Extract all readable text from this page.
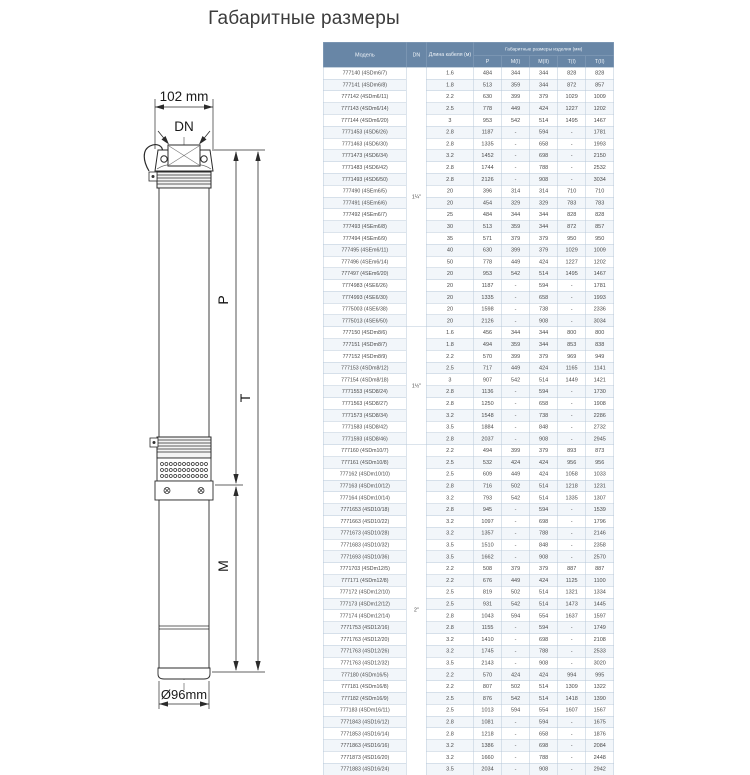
Габаритные размеры
102 mm
DN
P
M
T
Ø96mm
Модель	DN	Длина кабеля (м)	Габаритные размеры изделия (мм)				
			P	M(I)	M(II)	T(I)	T(II)
777140 (4SDm6/7)	1¼"	1.6	484	344	344	828	828
777141 (4SDm6/8)		1.8	513	359	344	872	857
777142 (4SDm6/11)		2.2	630	399	379	1029	1009
777143 (4SDm6/14)		2.5	778	449	424	1227	1202
777144 (4SDm6/20)		3	953	542	514	1495	1467
7771453 (4SD6/26)		2.8	1187	-	594	-	1781
7771463 (4SD6/30)		2.8	1335	-	658	-	1993
7771473 (4SD6/34)		3.2	1452	-	698	-	2150
7771483 (4SD6/42)		2.8	1744	-	788	-	2532
7771493 (4SD6/50)		2.8	2126	-	908	-	3034
777490 (4SEm6/5)		20	396	314	314	710	710
777491 (4SEm6/6)		20	454	329	329	783	783
777492 (4SEm6/7)		25	484	344	344	828	828
777493 (4SEm6/8)		30	513	359	344	872	857
777494 (4SEm6/9)		35	571	379	379	950	950
777495 (4SEm6/11)		40	630	399	379	1029	1009
777496 (4SEm6/14)		50	778	449	424	1227	1202
777497 (4SEm6/20)		20	953	542	514	1495	1467
7774983 (4SE6/26)		20	1187	-	594	-	1781
7774993 (4SE6/30)		20	1335	-	658	-	1993
7775003 (4SE6/38)		20	1598	-	738	-	2336
7775013 (4SE6/50)		20	2126	-	908	-	3034
777150 (4SDm8/6)	1½"	1.6	456	344	344	800	800
777151 (4SDm8/7)		1.8	494	359	344	853	838
777152 (4SDm8/9)		2.2	570	399	379	969	949
777153 (4SDm8/12)		2.5	717	449	424	1165	1141
777154 (4SDm8/18)		3	907	542	514	1449	1421
7771553 (4SD8/24)		2.8	1136	-	594	-	1730
7771563 (4SD8/27)		2.8	1250	-	658	-	1908
7771573 (4SD8/34)		3.2	1548	-	738	-	2286
7771583 (4SD8/42)		3.5	1884	-	848	-	2732
7771593 (4SD8/46)		2.8	2037	-	908	-	2945
777160 (4SDm10/7)	2"	2.2	494	399	379	893	873
777161 (4SDm10/8)		2.5	532	424	424	956	956
777162 (4SDm10/10)		2.5	609	449	424	1058	1033
777163 (4SDm10/12)		2.8	716	502	514	1218	1231
777164 (4SDm10/14)		3.2	793	542	514	1335	1307
7771653 (4SD10/18)		2.8	945	-	594	-	1539
7771663 (4SD10/22)		3.2	1097	-	698	-	1796
7771673 (4SD10/28)		3.2	1357	-	788	-	2146
7771683 (4SD10/32)		3.5	1510	-	848	-	2358
7771693 (4SD10/36)		3.5	1662	-	908	-	2570
7771703 (4SDm12/5)		2.2	508	379	379	887	887
777171 (4SDm12/8)		2.2	676	449	424	1125	1100
777172 (4SDm12/10)		2.5	819	502	514	1321	1334
777173 (4SDm12/12)		2.5	931	542	514	1473	1445
777174 (4SDm12/14)		2.8	1043	594	554	1637	1597
7771753 (4SD12/16)		2.8	1155	-	594	-	1749
7771763 (4SD12/20)		3.2	1410	-	698	-	2108
7771763 (4SD12/26)		3.2	1745	-	788	-	2533
7771763 (4SD12/32)		3.5	2143	-	908	-	3020
777180 (4SDm16/5)		2.2	570	424	424	994	995
777181 (4SDm16/8)		2.2	807	502	514	1309	1322
777182 (4SDm16/9)		2.5	876	542	514	1418	1390
777183 (4SDm16/11)		2.5	1013	594	554	1607	1567
7771843 (4SD16/12)		2.8	1081	-	594	-	1675
7771853 (4SD16/14)		2.8	1218	-	658	-	1876
7771863 (4SD16/16)		3.2	1386	-	698	-	2084
7771873 (4SD16/20)		3.2	1660	-	788	-	2448
7771883 (4SD16/24)		3.5	2034	-	908	-	2942
